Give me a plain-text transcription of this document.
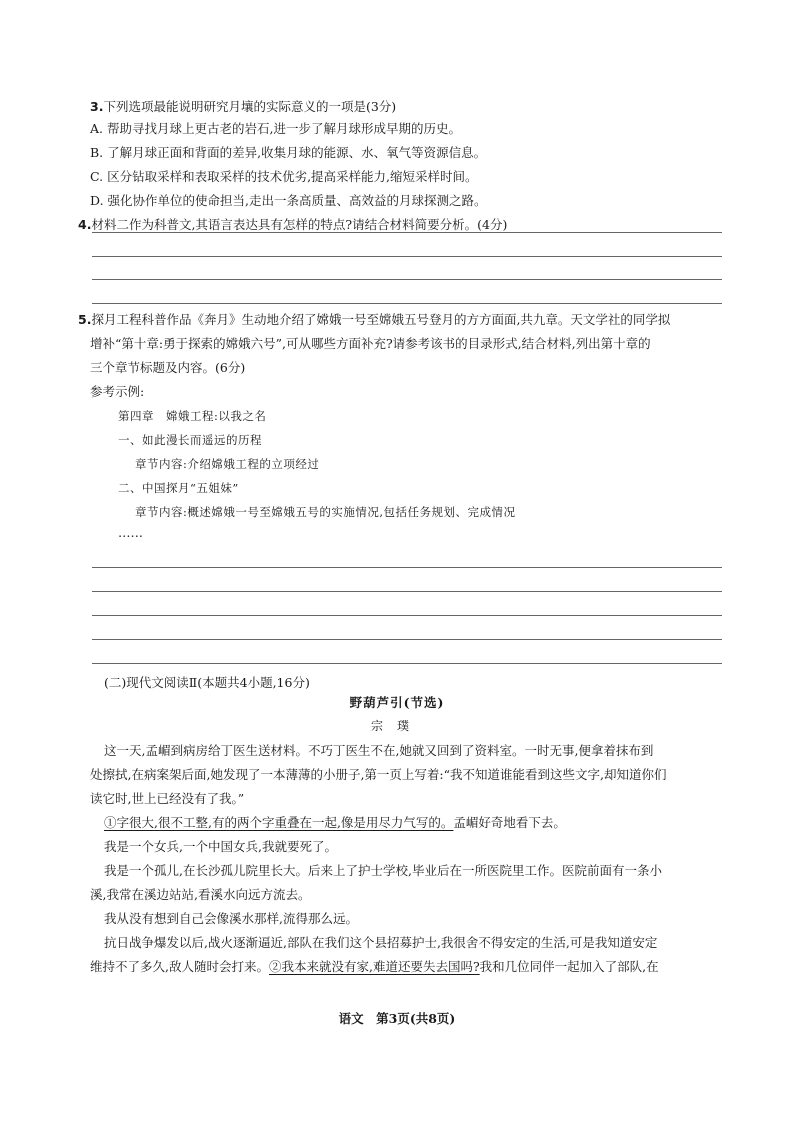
3.下列选项最能说明研究月壤的实际意义的一项是(3分)
A. 帮助寻找月球上更古老的岩石,进一步了解月球形成早期的历史。
B. 了解月球正面和背面的差异,收集月球的能源、水、氧气等资源信息。
C. 区分钻取采样和表取采样的技术优劣,提高采样能力,缩短采样时间。
D. 强化协作单位的使命担当,走出一条高质量、高效益的月球探测之路。
4.材料二作为科普文,其语言表达具有怎样的特点?请结合材料简要分析。(4分)
5.探月工程科普作品《奔月》生动地介绍了嫦娥一号至嫦娥五号登月的方方面面,共九章。天文学社的同学拟
增补“第十章:勇于探索的嫦娥六号”,可从哪些方面补充?请参考该书的目录形式,结合材料,列出第十章的
三个章节标题及内容。(6分)
参考示例:
第四章　嫦娥工程:以我之名
一、如此漫长而遥远的历程
章节内容:介绍嫦娥工程的立项经过
二、中国探月“五姐妹”
章节内容:概述嫦娥一号至嫦娥五号的实施情况,包括任务规划、完成情况
……
(二)现代文阅读Ⅱ(本题共4小题,16分)
野葫芦引(节选)
宗璞
这一天,孟嵋到病房给丁医生送材料。不巧丁医生不在,她就又回到了资料室。一时无事,便拿着抹布到
处擦拭,在病案架后面,她发现了一本薄薄的小册子,第一页上写着:“我不知道谁能看到这些文字,却知道你们
读它时,世上已经没有了我。”
①字很大,很不工整,有的两个字重叠在一起,像是用尽力气写的。孟嵋好奇地看下去。
我是一个女兵,一个中国女兵,我就要死了。
我是一个孤儿,在长沙孤儿院里长大。后来上了护士学校,毕业后在一所医院里工作。医院前面有一条小
溪,我常在溪边站站,看溪水向远方流去。
我从没有想到自己会像溪水那样,流得那么远。
抗日战争爆发以后,战火逐渐逼近,部队在我们这个县招募护士,我很舍不得安定的生活,可是我知道安定
维持不了多久,敌人随时会打来。②我本来就没有家,难道还要失去国吗?我和几位同伴一起加入了部队,在
语文　第3页(共8页)
